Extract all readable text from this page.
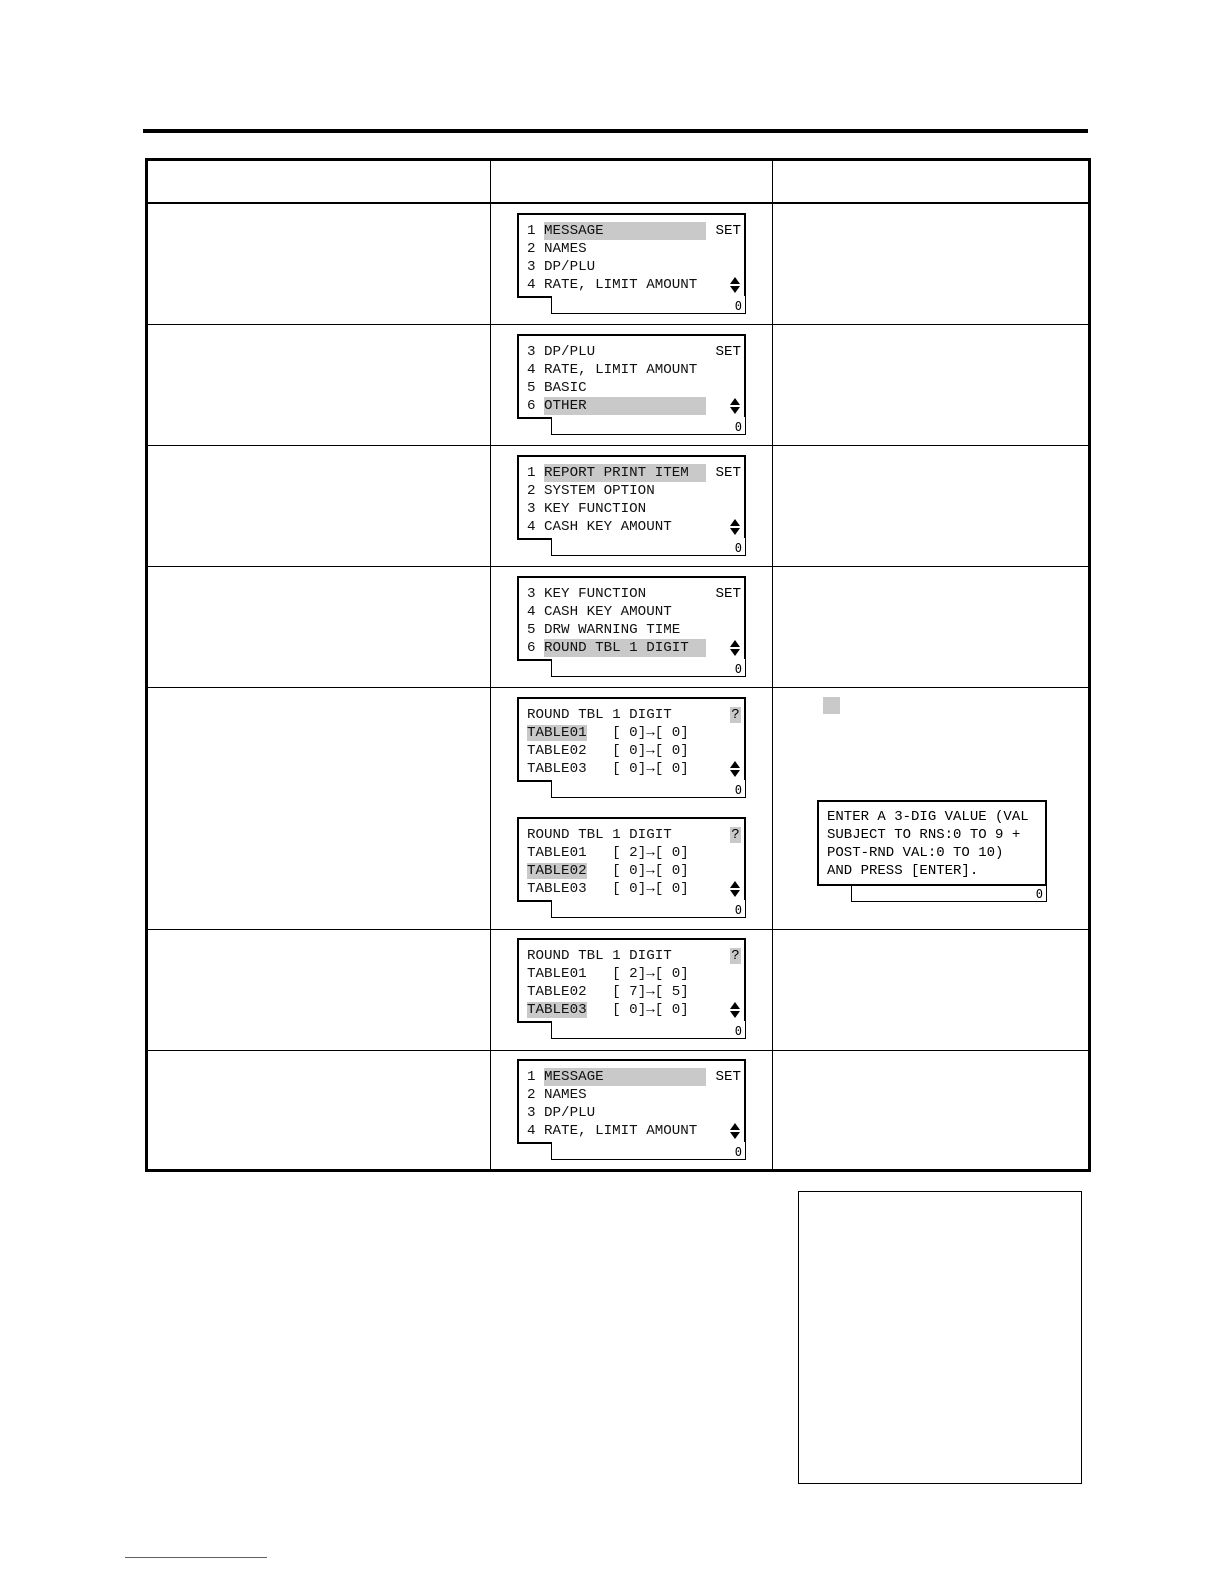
1 MESSAGE
2 NAMES
3 DP/PLU
4 RATE, LIMIT AMOUNT
SET
0
3 DP/PLU
4 RATE, LIMIT AMOUNT
5 BASIC
6 OTHER
SET
0
1 REPORT PRINT ITEM
2 SYSTEM OPTION
3 KEY FUNCTION
4 CASH KEY AMOUNT
SET
0
3 KEY FUNCTION
4 CASH KEY AMOUNT
5 DRW WARNING TIME
6 ROUND TBL 1 DIGIT
SET
0
ROUND TBL 1 DIGIT	?
TABLE01   [ 0]→[ 0]
TABLE02   [ 0]→[ 0]
TABLE03   [ 0]→[ 0]
0
ROUND TBL 1 DIGIT	?
TABLE01   [ 2]→[ 0]
TABLE02   [ 0]→[ 0]
TABLE03   [ 0]→[ 0]
0
ROUND TBL 1 DIGIT	?
TABLE01   [ 2]→[ 0]
TABLE02   [ 7]→[ 5]
TABLE03   [ 0]→[ 0]
0
1 MESSAGE
2 NAMES
3 DP/PLU
4 RATE, LIMIT AMOUNT
SET
0
ENTER A 3-DIG VALUE (VAL
SUBJECT TO RNS:0 TO 9 +
POST-RND VAL:0 TO 10)
AND PRESS [ENTER].
0
